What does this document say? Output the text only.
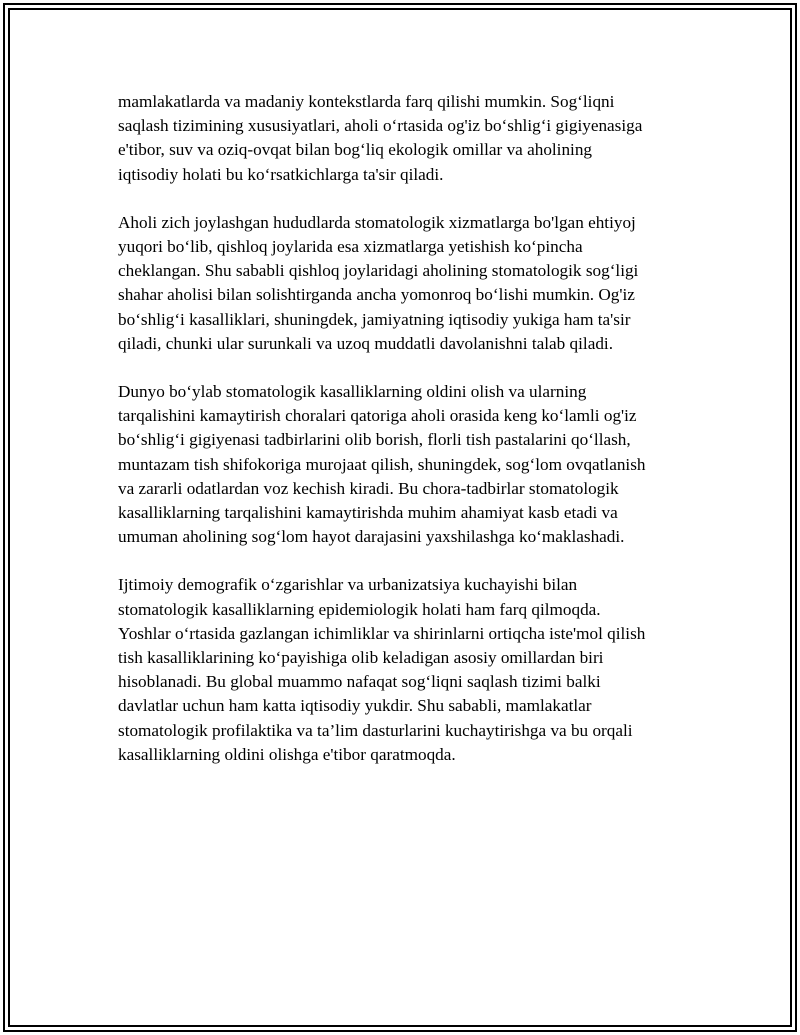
mamlakatlarda va madaniy kontekstlarda farq qilishi mumkin. Sog‘liqni
saqlash tizimining xususiyatlari, aholi o‘rtasida og'iz bo‘shlig‘i gigiyenasiga
e'tibor, suv va oziq-ovqat bilan bog‘liq ekologik omillar va aholining
iqtisodiy holati bu ko‘rsatkichlarga ta'sir qiladi.

Aholi zich joylashgan hududlarda stomatologik xizmatlarga bo'lgan ehtiyoj
yuqori bo‘lib, qishloq joylarida esa xizmatlarga yetishish ko‘pincha
cheklangan. Shu sababli qishloq joylaridagi aholining stomatologik sog‘ligi
shahar aholisi bilan solishtirganda ancha yomonroq bo‘lishi mumkin. Og'iz
bo‘shlig‘i kasalliklari, shuningdek, jamiyatning iqtisodiy yukiga ham ta'sir
qiladi, chunki ular surunkali va uzoq muddatli davolanishni talab qiladi.

Dunyo bo‘ylab stomatologik kasalliklarning oldini olish va ularning
tarqalishini kamaytirish choralari qatoriga aholi orasida keng ko‘lamli og'iz
bo‘shlig‘i gigiyenasi tadbirlarini olib borish, florli tish pastalarini qo‘llash,
muntazam tish shifokoriga murojaat qilish, shuningdek, sog‘lom ovqatlanish
va zararli odatlardan voz kechish kiradi. Bu chora-tadbirlar stomatologik
kasalliklarning tarqalishini kamaytirishda muhim ahamiyat kasb etadi va
umuman aholining sog‘lom hayot darajasini yaxshilashga ko‘maklashadi.

Ijtimoiy demografik o‘zgarishlar va urbanizatsiya kuchayishi bilan
stomatologik kasalliklarning epidemiologik holati ham farq qilmoqda.
Yoshlar o‘rtasida gazlangan ichimliklar va shirinlarni ortiqcha iste'mol qilish
tish kasalliklarining ko‘payishiga olib keladigan asosiy omillardan biri
hisoblanadi. Bu global muammo nafaqat sog‘liqni saqlash tizimi balki
davlatlar uchun ham katta iqtisodiy yukdir. Shu sababli, mamlakatlar
stomatologik profilaktika va ta’lim dasturlarini kuchaytirishga va bu orqali
kasalliklarning oldini olishga e'tibor qaratmoqda.
